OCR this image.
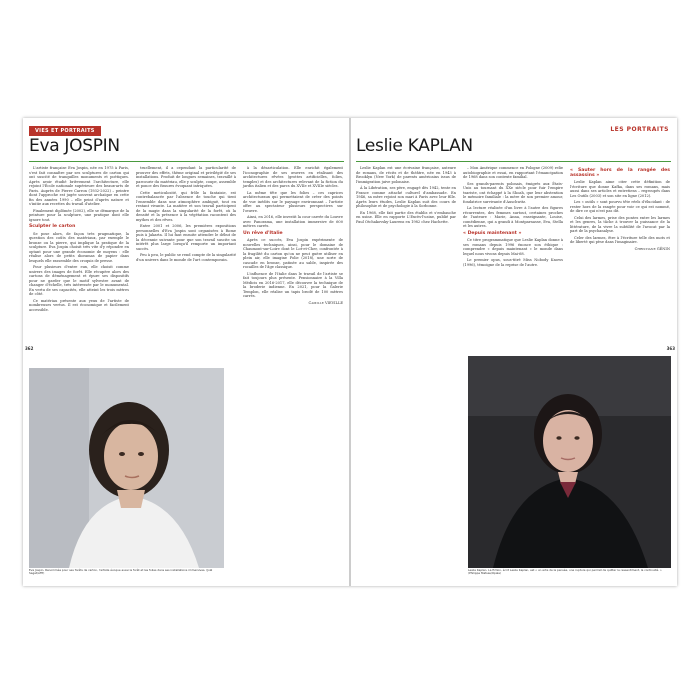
VIES ET PORTRAITS
Eva JOSPIN

L'artiste française Eva Jospin, née en 1975 à Paris, s'est fait connaître par ses sculptures de carton qui ont suscité de tranquilles monuments et poétiques. Après avoir étudié brièvement l'architecture, elle rejoint l'École nationale supérieure des beaux-arts de Paris. Auprès de Pierre Carron (1932-2022) – peintre dont l'approche est jugée souvent archaïque en cette fin des années 1990 – elle peint d'après nature et s'initie aux recettes du travail d'atelier.

Finalement diplômée (2002), elle se démarque de la peinture pour la sculpture, une pratique dont elle ignore tout.

Sculpter le carton

Se pose alors, de façon très pragmatique, la question des coûts des matériaux, par exemple le bronze ou la pierre, qui implique la pratique de la sculpture. Eva Jospin choisit très vite d'y répondre en optant pour une grande économie de moyens : elle réalise alors de petits dioramas de papier dans lesquels elle rassemble des croquis de presse.

Pour plusieurs d'entre eux, elle choisit comme univers des images de forêt. Elle récupère alors des cartons de déménagement et épure ses dispositifs pour ne garder que le motif sylvestre avant de changer d'échelle, très intéressée par le monumental. En vertu de ses capacités, elle atteint les trois mètres de côté.

Ce matériau présente aux yeux de l'artiste de nombreuses vertus. Il est économique et facilement accessible.

truellement, il a cependant la particularité de prouver des effets, thème original et privilégié de ses installations. Produit de longues semaines, travaillé à parcourir du matériau, elle y sculpte, coupe, assemble et ponce des fissures évoquant intriquées.

Cette meticulosité, qui frôle la fantaisie, est contrebalancée par l'absence de touche qui tient l'ensemble dans une atmosphère ambiguë, tout en restant vivante. La matière et son travail participent de la magie dans la singularité de la forêt, où la densité et la présence à la végétation racontent des mythes et des rêves.

Entre 2001 et 2006, les premières expositions personnelles d'Eva Jospin sont organisées à Rome puis à Jakarta. Il lui faut ensuite attendre le début de la décennie suivante pour que son travail suscite un intérêt plus large lorsqu'il remporte un important succès.

Peu à peu, le public se rend compte de la singularité d'un univers dans le monde de l'art contemporain.

à la désarticulation. Elle enrichit également l'iconographie de ses œuvres en réalisant des architectures rêvées (grottes artificielles, folies, temples) et des architectures relevant de la fiction du jardin italien et des parcs du XVIIe et XVIIIe siècles.

La même tête que les folies – ces caprices architecturaux qui permettaient de créer des points de vue inédits sur le paysage environnant – l'artiste offre au spectateur plusieurs perspectives sur l'œuvre.

Ainsi, en 2016, elle investit la cour carrée du Louvre avec Panorama, une installation immersive de 600 mètres carrés.

Un rêve d'Italie

Après ce succès, Eva Jospin expérimente de nouvelles techniques, ainsi, pour le domaine de Chaumont-sur-Loire dont le Lot-et-Cher, confrontée à la fragilité du carton qu'on ne peut guère utiliser en plein air, elle imagine Folie (2018), une sorte de cascade en bronze, patinée au sable, inspirée des rocailles de l'âge classique.

L'influence de l'Italie dans le travail de l'artiste se fait toujours plus présente. Pensionnaire à la Villa Médicis en 2016-2017, elle découvre la technique de la broderie indienne. En 2021, pour la Galerie Templon, elle réalise un tapis brodé de 100 mètres carrés.

Camille VIEVILLE
Eva Jospin. Renommée pour ses forêts de carton, l'artiste évoque aussi la forêt et les folies dans ses installations immersives. (Joël Saget/AFP)
362
LES PORTRAITS
Leslie KAPLAN

Leslie Kaplan est une écrivaine française, auteure de romans, de récits et de théâtre, née en 1943 à Brooklyn (New York) de parents américains issus de l'immigration juive polonaise.

À la Libération, ses père, engagé dès 1942, tente en France comme attaché culturel d'ambassade. En 1946, sa mère rejoint son mari à Paris avec leur fille. Après leurs études, Leslie Kaplan suit des cours de philosophie et de psychologie à la Sorbonne.

En 1968, elle fait partie des établis et s'embauche en usine. Elle en rapporte L'Excès-l'usine, publié par Paul Otchakovsky-Laurens en 1982 chez Hachette.

– Mon Amérique commence en Pologne (2009) relie autobiographie et essai, en rapportant l'émancipation de 1968 dans son contexte familial.

Ses grands-parents polonais, émigrés aux États-Unis au tournant du XXe siècle pour fuir l'empire tsariste, ont échappé à la Shoah, que leur abstention le mémoire familiale : la mère de son premier amour, fondatrice survivante d'Auschwitz.

La lecture réalisée d'un livre à l'autre des figures récurrentes, des femmes surtout, certaines proches de l'auteure : Marie, Anna, enseignante, Louise, comédienne, qui a grandi à Montparnasse, Eva, Stella et les autres.

« Depuis maintenant »

Ce titre programmatique que Leslie Kaplan donne à ses romans depuis 1996 énonce son éthique : comprendre « depuis maintenant » le monde dans lequel nous vivons depuis Mai-68.

Le premier opus, sous-titré Miss Nobody Knows (1996), témoigne de la reprise de l'autre.

« Sauter hors de la rangée des assassins »

Leslie Kaplan aime citer cette définition de l'écriture que donne Kafka, dans ses romans, mais aussi dans ses articles et entretiens – regroupés dans Les Outils (2003) et son site en ligne (2012).

Les « outils » sont pourvu tête réels d'élucidant : de rester hors de la rangée pour voir ce qui est nommé, de dire ce qui n'est pas dit.

Celui des larmes, prise des pontes entre les larmes et les genres, la tâche à trouver la puissance de la littérature, de la vivre la subtilité de l'avocat par la part de la psychanalyse.

Celer des larmes, être à l'écriture telle des mots et de liberté qui pèse dans l'imaginaire.

Christiane GÉNIN
Leslie Kaplan. La fiction, écrit Leslie Kaplan, est « un acte de la pensée, une rupture qui permet de quitter le ressentiment, la continuité. » (Philippe Matsas/Opale)
363
